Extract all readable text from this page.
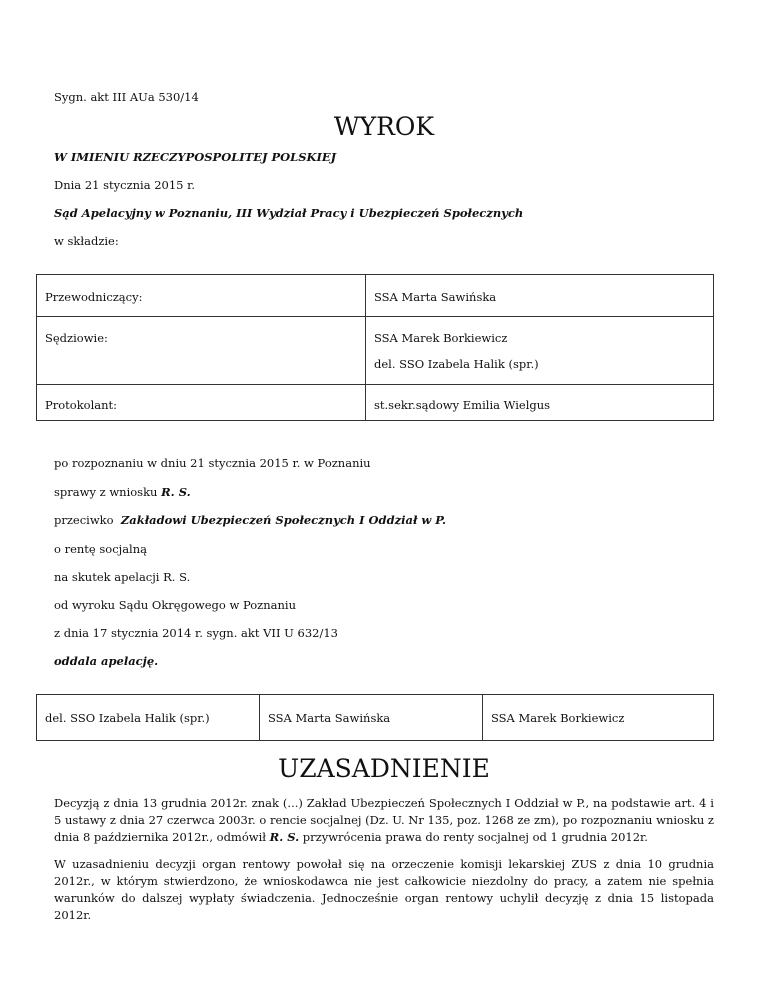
Sygn. akt III AUa 530/14
WYROK
W IMIENIU RZECZYPOSPOLITEJ POLSKIEJ
Dnia 21 stycznia 2015 r.
Sąd Apelacyjny w Poznaniu, III Wydział Pracy i Ubezpieczeń Społecznych
w składzie:
Przewodniczący:	SSA Marta Sawińska
Sędziowie:	SSA Marek Borkiewicz
del. SSO Izabela Halik (spr.)

Protokolant:	st.sekr.sądowy Emilia Wielgus
po rozpoznaniu w dniu 21 stycznia 2015 r. w Poznaniu
sprawy z wniosku R. S.
przeciwko Zakładowi Ubezpieczeń Społecznych I Oddział w P.
o rentę socjalną
na skutek apelacji R. S.
od wyroku Sądu Okręgowego w Poznaniu
z dnia 17 stycznia 2014 r. sygn. akt VII U 632/13
oddala apelację.
del. SSO Izabela Halik (spr.)	SSA Marta Sawińska	SSA Marek Borkiewicz
UZASADNIENIE
Decyzją z dnia 13 grudnia 2012r. znak (...) Zakład Ubezpieczeń Społecznych I Oddział w P., na podstawie art. 4 i 5 ustawy z dnia 27 czerwca 2003r. o rencie socjalnej (Dz. U. Nr 135, poz. 1268 ze zm), po rozpoznaniu wniosku z dnia 8 października 2012r., odmówił R. S. przywrócenia prawa do renty socjalnej od 1 grudnia 2012r.
W uzasadnieniu decyzji organ rentowy powołał się na orzeczenie komisji lekarskiej ZUS z dnia 10 grudnia 2012r., w którym stwierdzono, że wnioskodawca nie jest całkowicie niezdolny do pracy, a zatem nie spełnia warunków do dalszej wypłaty świadczenia. Jednocześnie organ rentowy uchylił decyzję z dnia 15 listopada 2012r.
